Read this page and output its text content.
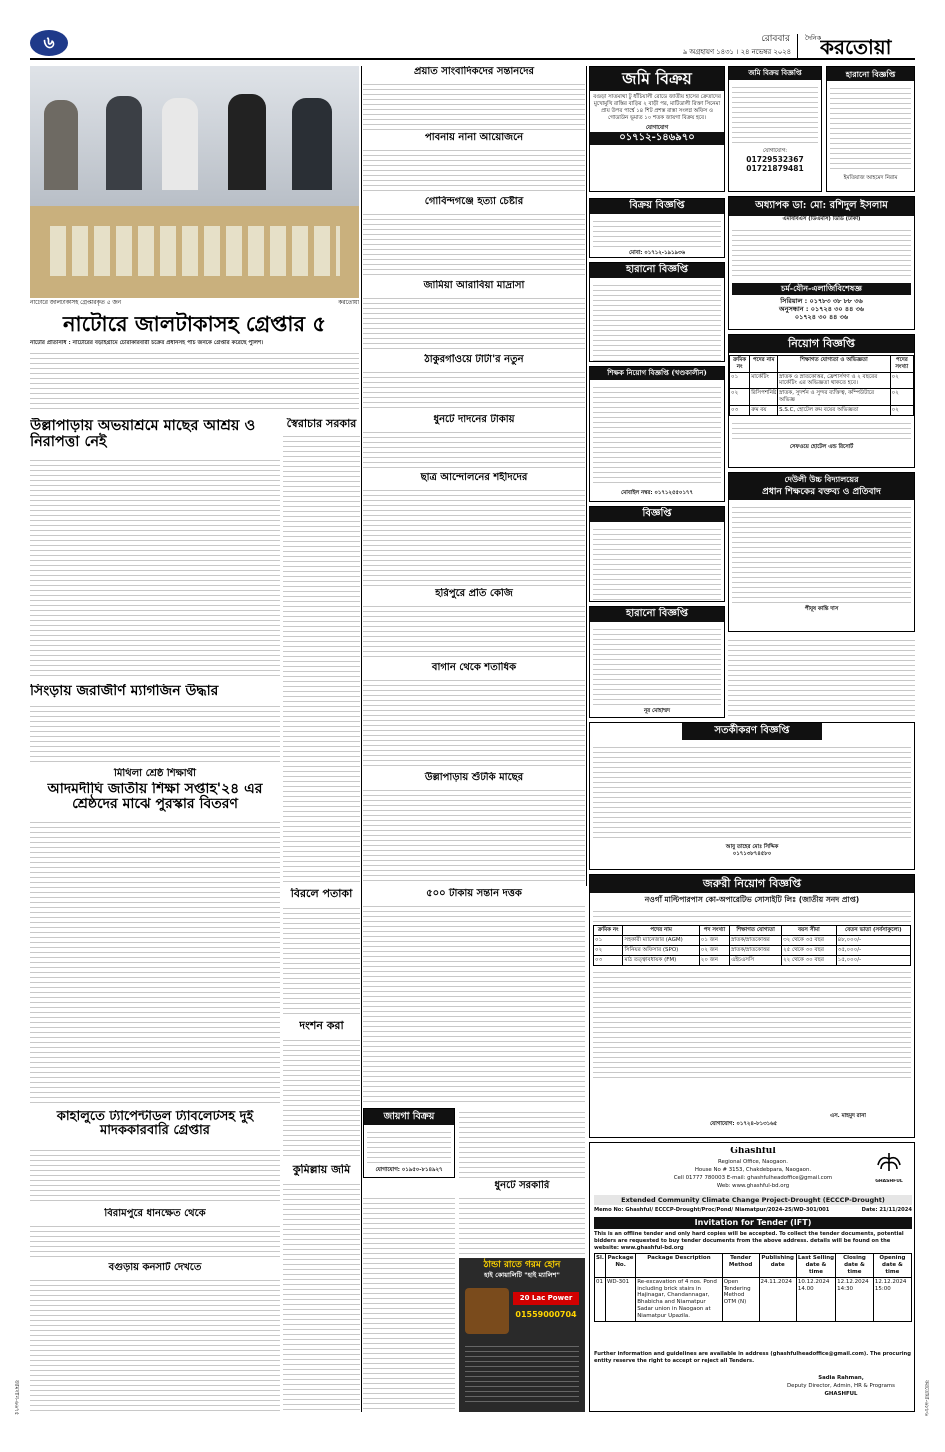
৬	রোববার
৯ অগ্রহায়ণ ১৪৩১ । ২৪ নভেম্বর ২০২৪
দৈনিক
করতোয়া
নাটোরে জালটাকাসহ গ্রেপ্তারকৃত ৫ জন	করতোয়া
নাটোরে জালটাকাসহ গ্রেপ্তার ৫
নাটোর প্রতিনিধি : নাটোরের বড়াইগ্রামে চোরাকারবারী চক্রের প্রধানসহ পাঁচ জনকে গ্রেপ্তার করেছে পুলিশ।
উল্লাপাড়ায় অভয়াশ্রমে মাছের আশ্রয় ও নিরাপত্তা নেই
সিংড়ায় জরাজীর্ণ ম্যাগজিন উদ্ধার
মিথিলা শ্রেষ্ঠ শিক্ষার্থী
আদমদীঘি জাতীয় শিক্ষা সপ্তাহ'২৪ এর শ্রেষ্ঠদের মাঝে পুরস্কার বিতরণ
কাহালুতে ট্যাপেন্টাডল ট্যাবলেটসহ দুই মাদককারবারি গ্রেপ্তার
বিরামপুরে ধানক্ষেত থেকে
বগুড়ায় কনসার্ট দেখতে
স্বৈরাচার সরকার
বিরলে পতাকা
দংশন করা
কুমিল্লায় জমি
প্রয়াত সাংবাদিকদের সন্তানদের
পাবনায় নানা আয়োজনে
গোবিন্দগঞ্জে হত্যা চেষ্টার
জামিয়া আরাবিয়া মাদ্রাসা
ঠাকুরগাঁওয়ে টাটা'র নতুন
ধুনটে দাদনের টাকায়
ছাত্র আন্দোলনের শহীদদের
হরিপুরে প্রতি কেজি
বাগান থেকে শতাধিক
উল্লাপাড়ায় শুঁটকি মাছের
৫০০ টাকায় সন্তান দত্তক
জায়গা বিক্রয়
যোগাযোগ: ০১৯৫০-৮১৪৯২৭
ধুনটে সরকারি
ঠান্ডা রাতে গরম হোন
হাই কোয়ালিটি "হাই ম্যালিশ"
20 Lac Power
01559000704
জমি বিক্রয়
বগুড়া সাতমাথা টু ধাঁচিয়ালী রোডে জাতীয় হাসের ক্রেতাদের মুখোমুখি রাস্তির বাড়ির ২ বাড়ী পর, মাটিডালী রিক্তা সিনেমা প্রায় উপর পার্শ্বে ১৪ শিট প্রশস্ত রাস্তা সংলগ্ন অফিস ও গোডাউন ভূমাত ১০ শতক জায়গা বিক্রয় হবে।
যোগাযোগ
০১৭১২-১৪৬৯৭০
বিক্রয় বিজ্ঞপ্তি
মোবা: ০১৭১২-১৯১৯৩৬
হারানো বিজ্ঞপ্তি
শিক্ষক নিয়োগ বিজ্ঞপ্তি (খণ্ডকালীন)
মোবাইল নম্বর: ০১৭১২৫৫০১৭৭
বিজ্ঞপ্তি
হারানো বিজ্ঞপ্তি
নূর মোহাম্মদ
জমি বিক্রয় বিজ্ঞপ্তি
যোগাযোগ:
01729532367
01721879481
হারানো বিজ্ঞপ্তি
ইমতিয়াজ আহমেদ নিরাম
অধ্যাপক ডা: মো: রশিদুল ইসলাম
এমবিবিএস (ডিএমসি) ডিডি (ঢাকা)
চর্ম-যৌন-এলার্জিবিশেষজ্ঞ
সিরিয়াল : ০১৭৮৩ ৩৮ ৮৮ ৩৬
অনুসন্ধান : ০১৭২৪ ৩০ ৪৪ ৩৬
০১৭২৪ ৩০ ৪৪ ৩৬
নিয়োগ বিজ্ঞপ্তি
ক্রমিক নং	পদের নাম	শিক্ষাগত যোগ্যতা ও অভিজ্ঞতা	পদের সংখ্যা
০১	মার্কেটিং	স্নাতক ও স্নাতকোত্তর, ফ্রেশার্সগণ ও ২ বছরের মার্কেটিং এর অভিজ্ঞতা থাকতে হবে।	০২
০২	রিসিপশনিষ্ট	স্নাতক, সুদর্শন ও সুন্দর ব্যক্তিত্ব, কম্পিউটারে অভিজ্ঞ	০২
০৩	রুম বয়	S.S.C, হোটেল রুম বয়ের অভিজ্ঞতা	০২
সেফওয়ে হোটেল এন্ড রিসোর্ট
দেউলী উচ্চ বিদ্যালয়ের
প্রধান শিক্ষকের বক্তব্য ও প্রতিবাদ
পীযূষ কান্তি দাস
সতর্কীকরণ বিজ্ঞপ্তি
আবু তাহের মোঃ সিদ্দিক
০১৭১৩৮৭৪৫৮০
জরুরী নিয়োগ বিজ্ঞপ্তি
নওগাঁ মাল্টিপারপাস কো-অপারেটিভ সোসাইটি লিঃ (জাতীয় সনদ প্রাপ্ত)
ক্রমিক নং	পদের নাম	পদ সংখ্যা	শিক্ষাগত যোগ্যতা	বয়স সীমা	বেতন ভাতা (সর্বসাকুল্যে)
০১	সহকারী ম্যানেজার (AGM)	০১ জন	স্নাতক/স্নাতকোত্তর	৩২ থেকে ৩৫ বছর	৪৮,০০০/-
০২	সিনিয়র অফিসার (SPO)	০২ জন	স্নাতক/স্নাতকোত্তর	২৫ থেকে ৩০ বছর	৩৫,০০০/-
০৩	মাঠ তত্ত্বাবধায়ক (FM)	২০ জন	এইচএসসি	২২ থেকে ৩০ বছর	১৫,০০০/-
যোগাযোগ: ০১৭২৪-৮১৩১৬৫
এস. মাহমুদ রানা
Ghashful
Regional Office, Naogaon.
House No # 3153, Chakdebpara, Naogaon.
Cell 01777 780003 E-mail: ghashfulheadoffice@gmail.com
Web: www.ghashful-bd.org
GHASHFUL
Extended Community Climate Change Project-Drought (ECCCP-Drought)
Memo No: Ghashful/ ECCCP-Drought/Proc/Pond/ Niamatpur/2024-25/WD-301/001	Date: 21/11/2024
Invitation for Tender (IFT)
This is an offline tender and only hard copies will be accepted. To collect the tender documents, potential bidders are requested to buy tender documents from the above address. details will be found on the website: www.ghashful-bd.org
Sl.	Package No.	Package Description	Tender Method	Publishing date	Last Selling date & time	Closing date & time	Opening date & time
01	WD-301	Re-excavation of 4 nos. Pond including brick stairs in Hajinagar, Chandannagar, Bhabicha and Niamatpur Sadar union in Naogaon at Niamatpur Upazila.	Open Tendering Method OTM (N)	24.11.2024	10.12.2024 14.00	12.12.2024 14:30	12.12.2024 15:00
Further information and guidelines are available in address (ghashfulheadoffice@gmail.com). The procuring entity reserve the right to accept or reject all Tenders.
Sadia Rahman,
Deputy Director, Admin, HR & Programs
GHASHFUL
জামদানি-৬৬৭৫	করতোয়া-৬৮৮৬
